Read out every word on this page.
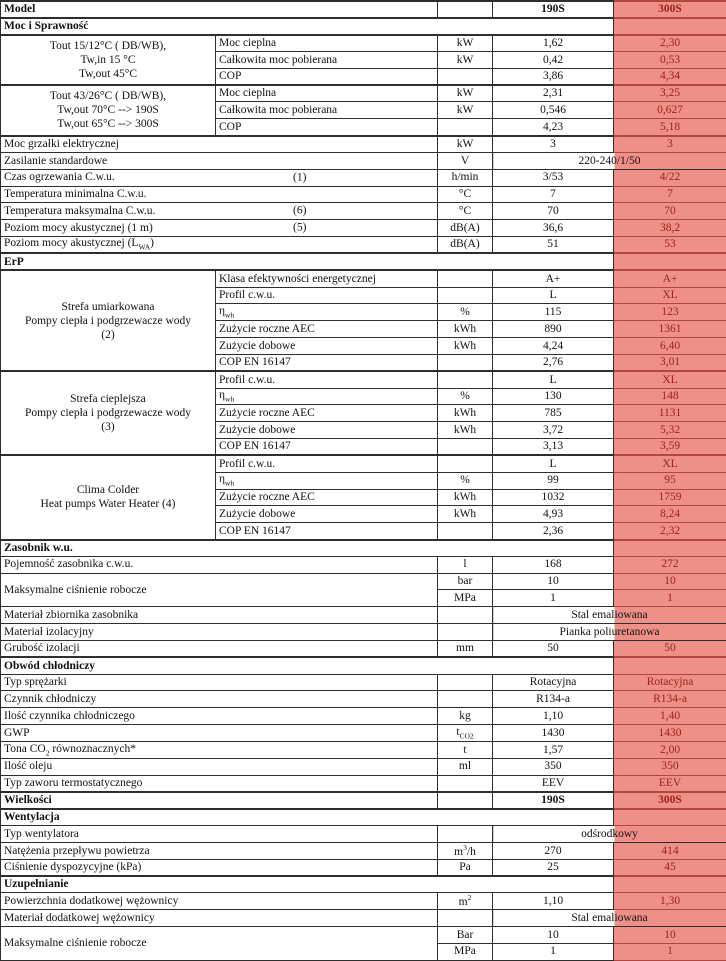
Model			190S	300S
Moc i Sprawność				
Tout 15/12°C ( DB/WB),
Tw,in 15 °C
Tw,out 45°C	Moc cieplna	kW	1,62	2,30
	Całkowita moc pobierana	kW	0,42	0,53
	COP		3,86	4,34
Tout 43/26°C ( DB/WB),
Tw,out 70°C --> 190S
Tw,out 65°C --> 300S	Moc cieplna	kW	2,31	3,25
	Całkowita moc pobierana	kW	0,546	0,627
	COP		4,23	5,18
Moc grzałki elektrycznej		kW	3	3
Zasilanie standardowe		V	220-240/1/50	
Czas ogrzewania C.w.u. (1)		h/min	3/53	4/22
Temperatura minimalna C.w.u.		°C	7	7
Temperatura maksymalna C.w.u. (6)		°C	70	70
Poziom mocy akustycznej (1 m) (5)		dB(A)	36,6	38,2
Poziom mocy akustycznej $(L_{WA})$		dB(A)	51	53
ErP				
Strefa umiarkowana
Pompy ciepła i podgrzewacze wody
(2)	Klasa efektywności energetycznej		A+	A+
	Profil c.w.u.		L	XL
	$\eta_{wh}$	%	115	123
	Zużycie roczne AEC	kWh	890	1361
	Zużycie dobowe	kWh	4,24	6,40
	COP EN 16147		2,76	3,01
Strefa cieplejsza
Pompy ciepła i podgrzewacze wody
(3)	Profil c.w.u.		L	XL
	$\eta_{wh}$	%	130	148
	Zużycie roczne AEC	kWh	785	1131
	Zużycie dobowe	kWh	3,72	5,32
	COP EN 16147		3,13	3,59
Clima Colder
Heat pumps Water Heater (4)	Profil c.w.u.		L	XL
	$\eta_{wh}$	%	99	95
	Zużycie roczne AEC	kWh	1032	1759
	Zużycie dobowe	kWh	4,93	8,24
	COP EN 16147		2,36	2,32
Zasobnik w.u.				
Pojemność zasobnika c.w.u.		l	168	272
Maksymalne ciśnienie robocze		bar	10	10
		MPa	1	1
Materiał zbiornika zasobnika			Stal emaliowana	
Materiał izolacyjny			Pianka poliuretanowa	
Grubość izolacji		mm	50	50
Obwód chłodniczy				
Typ sprężarki			Rotacyjna	Rotacyjna
Czynnik chłodniczy			R134-a	R134-a
Ilość czynnika chłodniczego		kg	1,10	1,40
GWP		$t_{CO2}$	1430	1430
Tona $CO_2$ równoznacznych*		t	1,57	2,00
Ilość oleju		ml	350	350
Typ zaworu termostatycznego			EEV	EEV
Wielkości			190S	300S
Wentylacja				
Typ wentylatora			odśrodkowy	
Natężenia przepływu powietrza		$m^3/h$	270	414
Ciśnienie dyspozycyjne (kPa)		Pa	25	45
Uzupełnianie				
Powierzchnia dodatkowej wężownicy		$m^2$	1,10	1,30
Materiał dodatkowej wężownicy			Stal emaliowana	
Maksymalne ciśnienie robocze		Bar	10	10
		MPa	1	1
